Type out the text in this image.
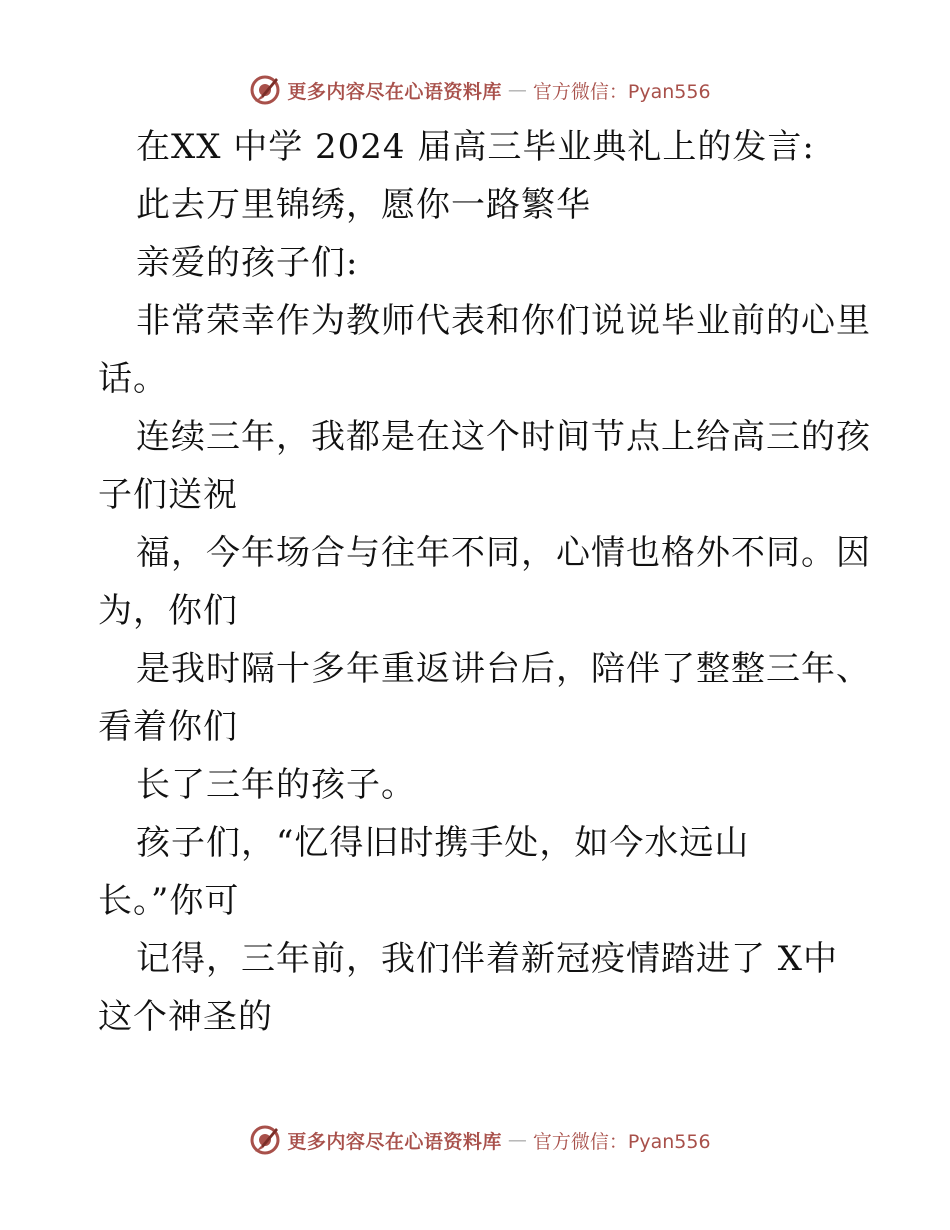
更多内容尽在心语资料库 — 官方微信：Pyan556
在XX 中学 2024 届高三毕业典礼上的发言:
此去万里锦绣，愿你一路繁华
亲爱的孩子们:
非常荣幸作为教师代表和你们说说毕业前的心里
话。
连续三年，我都是在这个时间节点上给高三的孩
子们送祝
福，今年场合与往年不同，心情也格外不同。因
为，你们
是我时隔十多年重返讲台后，陪伴了整整三年、
看着你们
长了三年的孩子。
孩子们，“忆得旧时携手处，如今水远山
长。”你可
记得，三年前，我们伴着新冠疫情踏进了 X中
这个神圣的
更多内容尽在心语资料库 — 官方微信：Pyan556
